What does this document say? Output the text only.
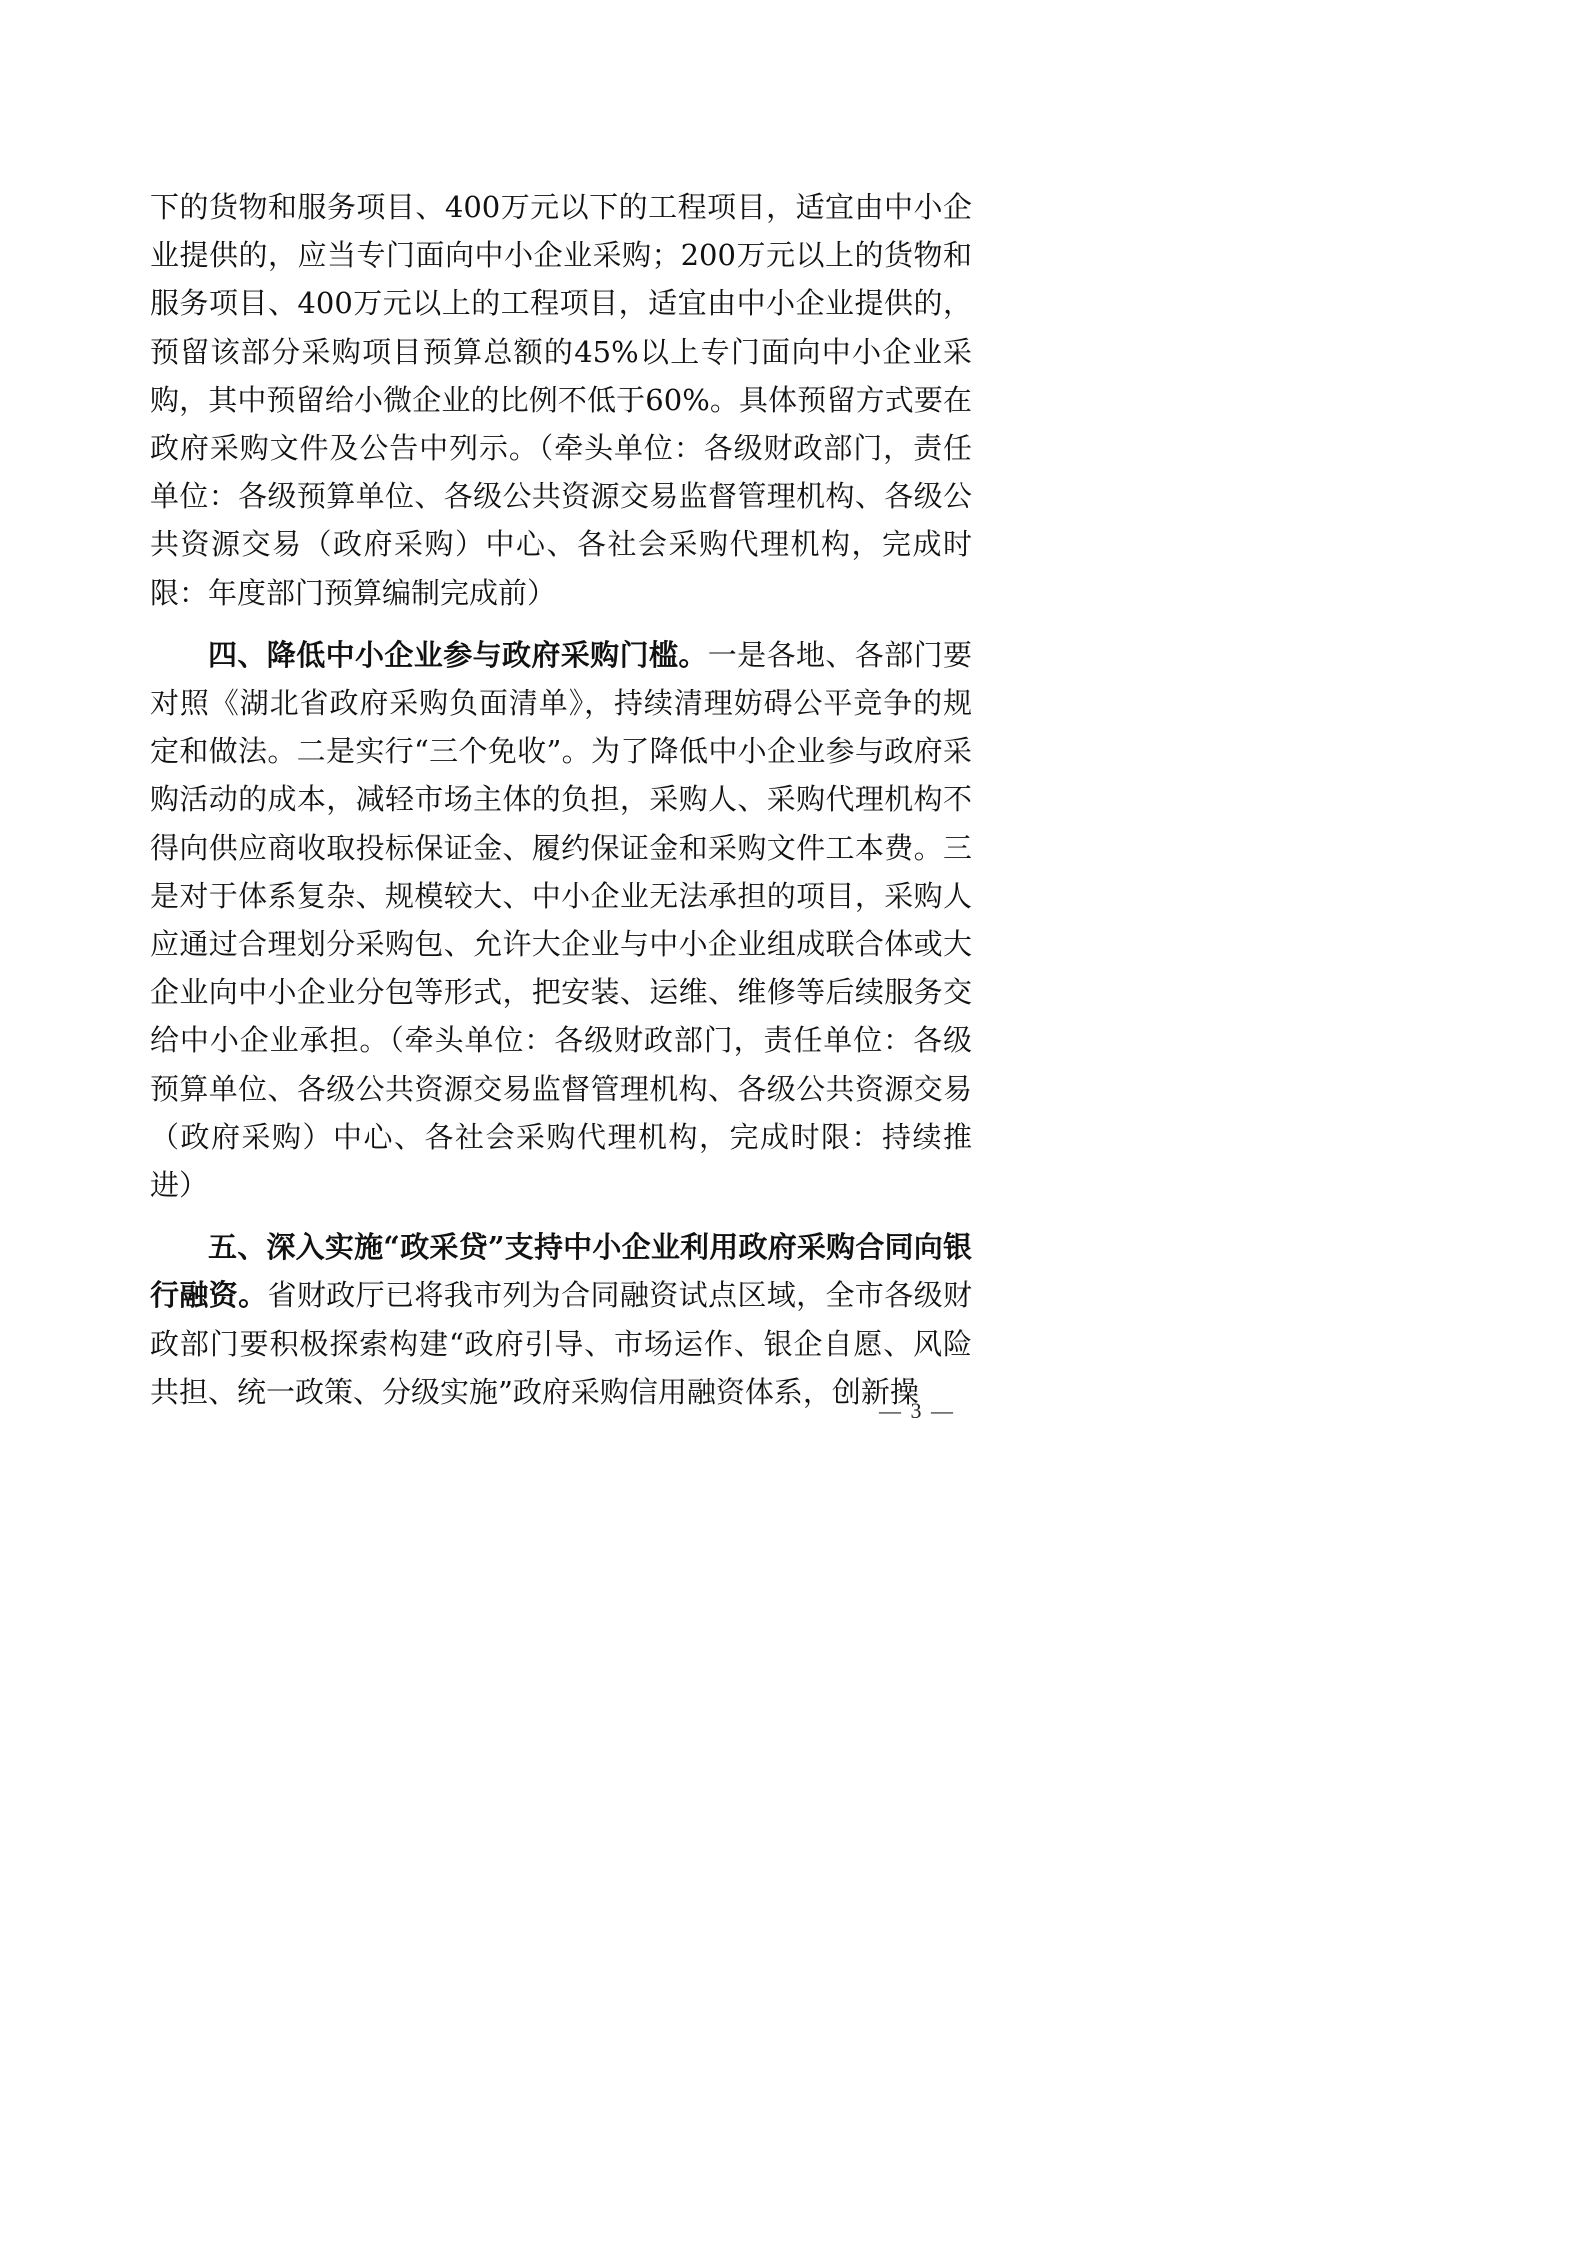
下的货物和服务项目、400万元以下的工程项目，适宜由中小企业提供的，应当专门面向中小企业采购；200万元以上的货物和服务项目、400万元以上的工程项目，适宜由中小企业提供的，预留该部分采购项目预算总额的45%以上专门面向中小企业采购，其中预留给小微企业的比例不低于60%。具体预留方式要在政府采购文件及公告中列示。（牵头单位：各级财政部门，责任单位：各级预算单位、各级公共资源交易监督管理机构、各级公共资源交易（政府采购）中心、各社会采购代理机构，完成时限：年度部门预算编制完成前）

四、降低中小企业参与政府采购门槛。一是各地、各部门要对照《湖北省政府采购负面清单》，持续清理妨碍公平竞争的规定和做法。二是实行“三个免收”。为了降低中小企业参与政府采购活动的成本，减轻市场主体的负担，采购人、采购代理机构不得向供应商收取投标保证金、履约保证金和采购文件工本费。三是对于体系复杂、规模较大、中小企业无法承担的项目，采购人应通过合理划分采购包、允许大企业与中小企业组成联合体或大企业向中小企业分包等形式，把安装、运维、维修等后续服务交给中小企业承担。（牵头单位：各级财政部门，责任单位：各级预算单位、各级公共资源交易监督管理机构、各级公共资源交易（政府采购）中心、各社会采购代理机构，完成时限：持续推进）

五、深入实施“政采贷”支持中小企业利用政府采购合同向银行融资。省财政厅已将我市列为合同融资试点区域，全市各级财政部门要积极探索构建“政府引导、市场运作、银企自愿、风险共担、统一政策、分级实施”政府采购信用融资体系，创新操

— 3 —
